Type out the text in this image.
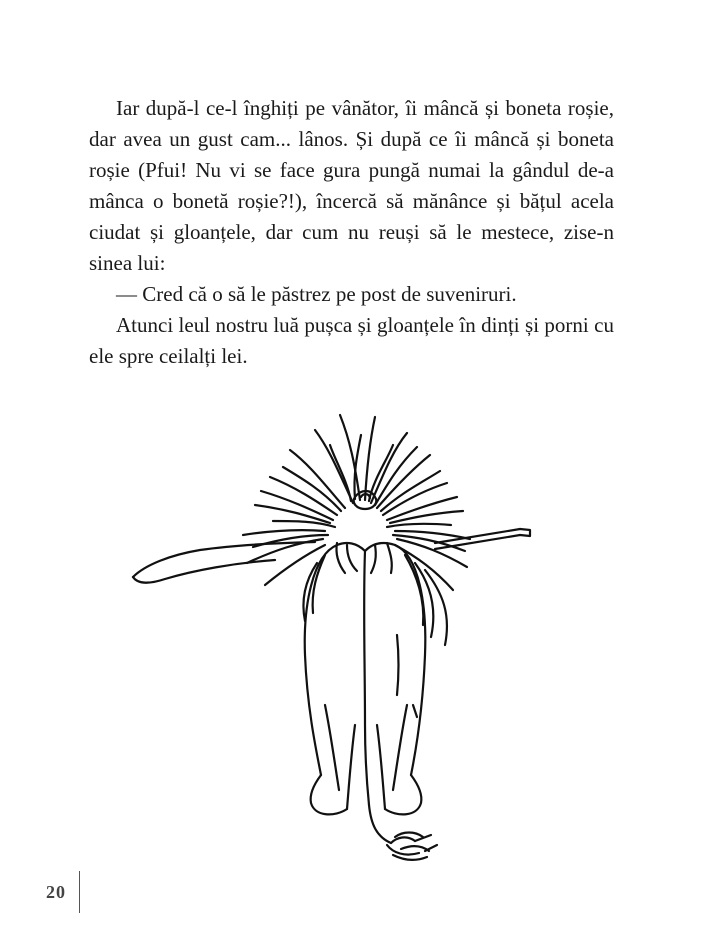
Iar după-l ce-l înghiți pe vânător, îi mâncă și boneta roșie, dar avea un gust cam... lânos. Și după ce îi mâncă și boneta roșie (Pfui! Nu vi se face gura pungă numai la gândul de-a mânca o bonetă roșie?!), încercă să mănânce și bățul acela ciudat și gloanțele, dar cum nu reuși să le mestece, zise-n sinea lui:

— Cred că o să le păstrez pe post de suveniruri.

Atunci leul nostru luă pușca și gloanțele în dinți și porni cu ele spre ceilalți lei.

20
